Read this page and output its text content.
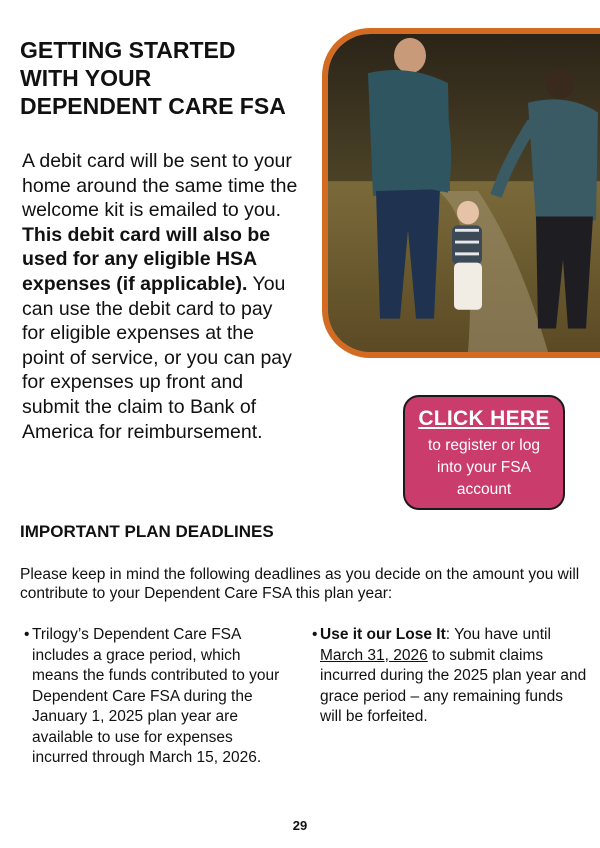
GETTING STARTED
WITH YOUR
DEPENDENT CARE FSA
A debit card will be sent to your home around the same time the welcome kit is emailed to you. This debit card will also be used for any eligible HSA expenses (if applicable). You can use the debit card to pay for eligible expenses at the point of service, or you can pay for expenses up front and submit the claim to Bank of America for reimbursement.
CLICK HERE
to register or log into your FSA account
IMPORTANT PLAN DEADLINES
Please keep in mind the following deadlines as you decide on the amount you will contribute to your Dependent Care FSA this plan year:
• Trilogy’s Dependent Care FSA includes a grace period, which means the funds contributed to your Dependent Care FSA during the January 1, 2025 plan year are available to use for expenses incurred through March 15, 2026.
• Use it our Lose It: You have until March 31, 2026 to submit claims incurred during the 2025 plan year and grace period – any remaining funds will be forfeited.
29
